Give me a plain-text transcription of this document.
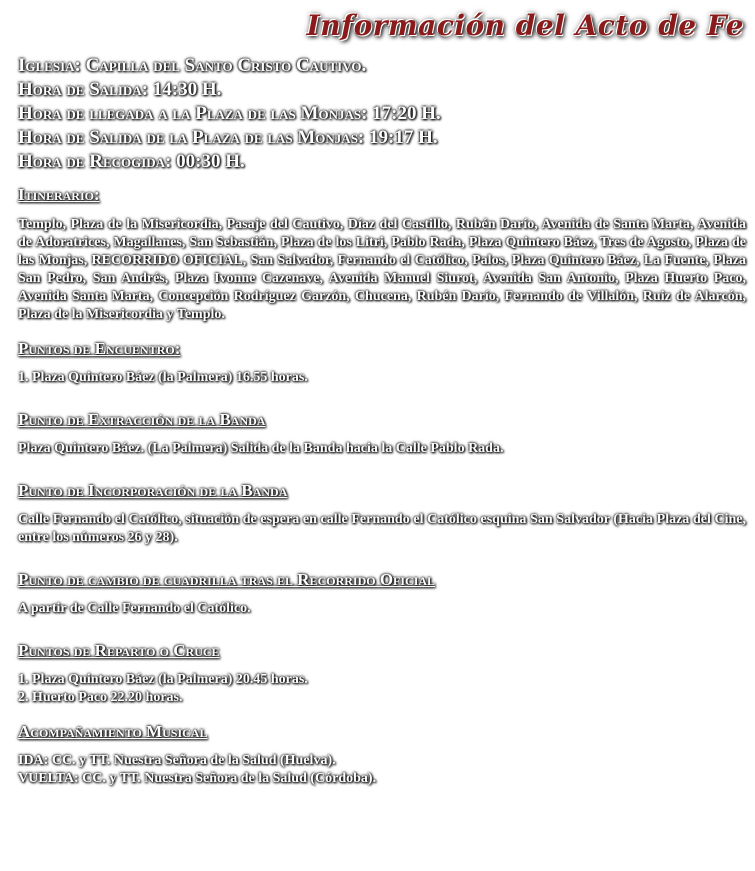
Información del Acto de Fe

Iglesia: Capilla del Santo Cristo Cautivo.

Hora de Salida: 14:30 H.

Hora de llegada a la Plaza de las Monjas: 17:20 H.

Hora de Salida de la Plaza de las Monjas: 19:17 H.

Hora de Recogida: 00:30 H.

Itinerario:

Templo, Plaza de la Misericordia, Pasaje del Cautivo, Díaz del Castillo, Rubén Darío, Avenida de Santa Marta, Avenida de Adoratrices, Magallanes, San Sebastián, Plaza de los Litri, Pablo Rada, Plaza Quintero Báez, Tres de Agosto, Plaza de las Monjas, RECORRIDO OFICIAL, San Salvador, Fernando el Católico, Palos, Plaza Quintero Báez, La Fuente, Plaza San Pedro, San Andrés, Plaza Ivonne Cazenave, Avenida Manuel Siurot, Avenida San Antonio, Plaza Huerto Paco, Avenida Santa Marta, Concepción Rodríguez Garzón, Chucena, Rubén Darío, Fernando de Villalón, Ruiz de Alarcón, Plaza de la Misericordia y Templo.

Puntos de Encuentro:

1. Plaza Quintero Báez (la Palmera) 16.55 horas.

Punto de Extracción de la Banda

Plaza Quintero Báez. (La Palmera) Salida de la Banda hacia la Calle Pablo Rada.

Punto de Incorporación de la Banda

Calle Fernando el Católico, situación de espera en calle Fernando el Católico esquina San Salvador (Hacia Plaza del Cine, entre los números 26 y 28).

Punto de cambio de cuadrilla tras el Recorrido Oficial

A partir de Calle Fernando el Católico.

Puntos de Reparto o Cruce

1. Plaza Quintero Báez (la Palmera) 20.45 horas.

2. Huerto Paco 22.20 horas.

Acompañamiento Musical

IDA: CC. y TT. Nuestra Señora de la Salud (Huelva).

VUELTA: CC. y TT. Nuestra Señora de la Salud (Córdoba).
